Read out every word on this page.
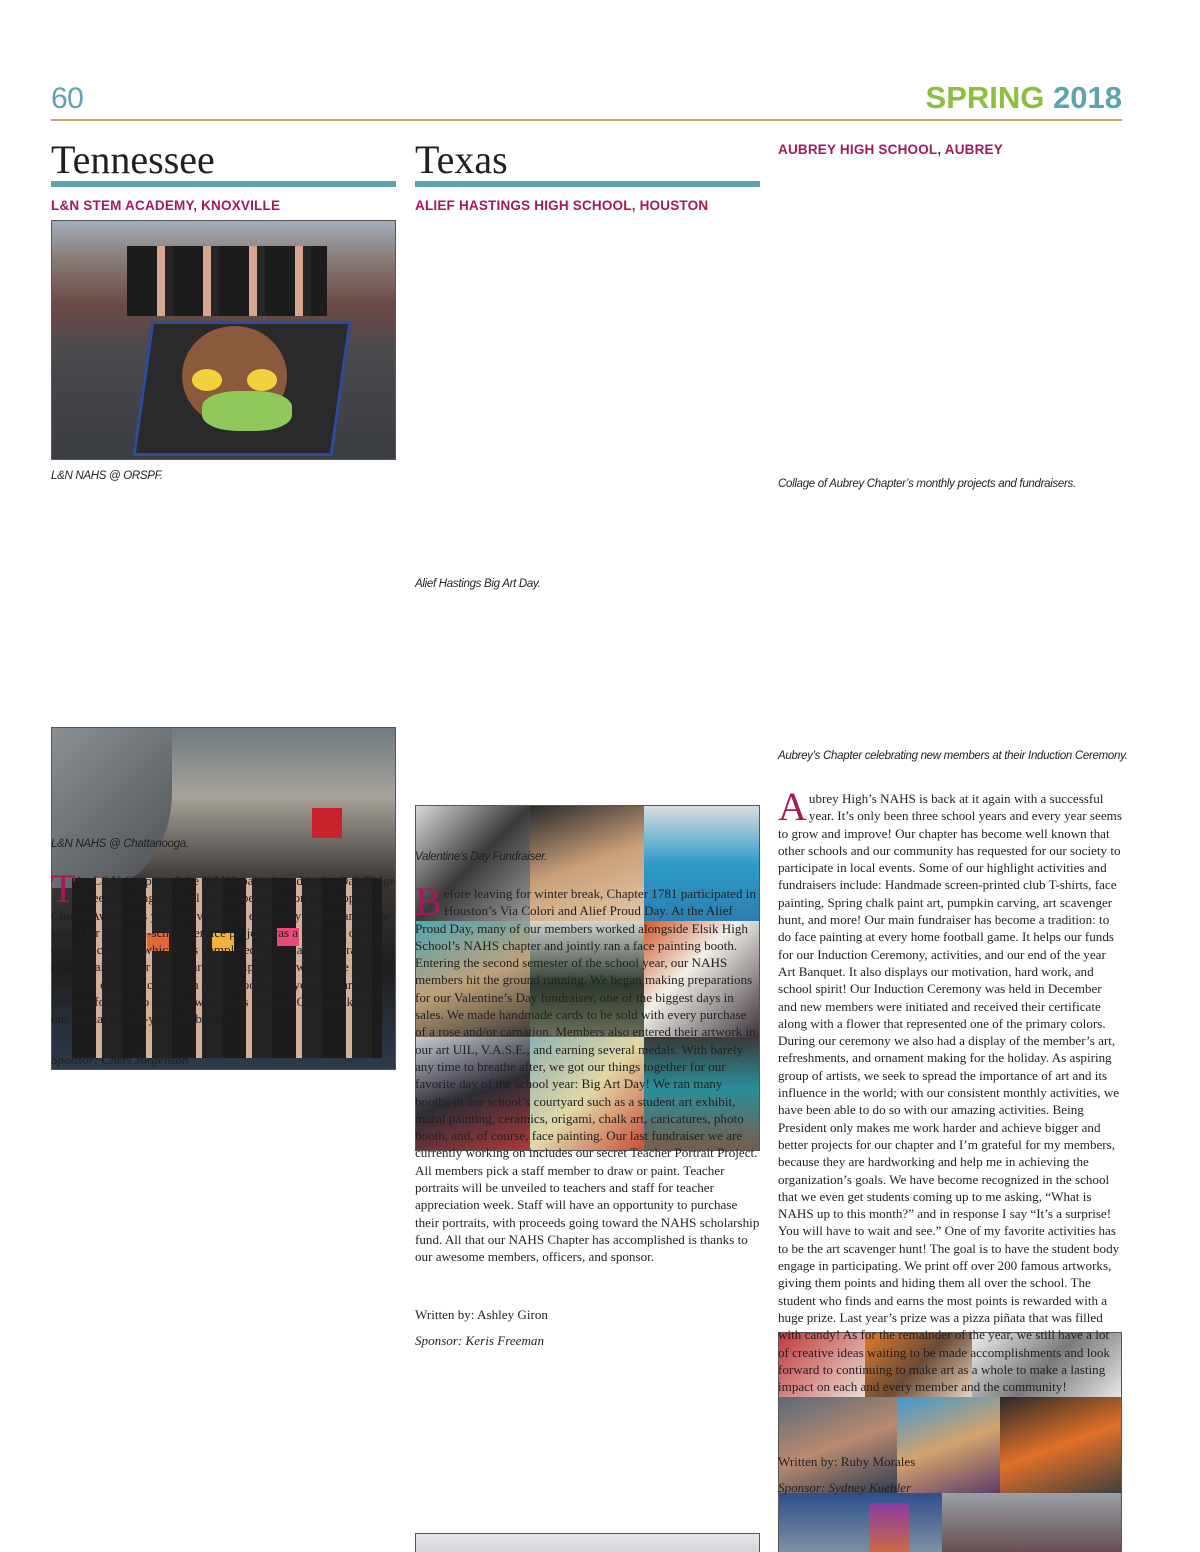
60	SPRING 2018
Tennessee
L&N STEM ACADEMY, KNOXVILLE
L&N NAHS @ ORSPF.
L&N NAHS @ Chattanooga.
The L&N Chapter of the NAHS participated in the Oak Ridge Street Painting Festival in October and won the People’s Choice Award this year, providing an especially good start to the year. Our major in-school service project was a mural in our conference room which was completed in January. Fundraising efforts paid for our annual art field trip, which was to the Hunter Museum of American Art in Chattanooga this year. We are still looking forward to the Dogwood Arts Festival Chalkwalk and our annual end-of-year celebration.
Sponsor: Cheri Jorgenson
Texas
ALIEF HASTINGS HIGH SCHOOL, HOUSTON
Alief Hastings Big Art Day.
Valentine’s Day Fundraiser.
Before leaving for winter break, Chapter 1781 participated in Houston’s Via Colori and Alief Proud Day. At the Alief Proud Day, many of our members worked alongside Elsik High School’s NAHS chapter and jointly ran a face painting booth. Entering the second semester of the school year, our NAHS members hit the ground running. We began making preparations for our Valentine’s Day fundraiser, one of the biggest days in sales. We made handmade cards to be sold with every purchase of a rose and/or carnation. Members also entered their artwork in our art UIL, V.A.S.E., and earning several medals. With barely any time to breathe after, we got our things together for our favorite day of the school year: Big Art Day! We ran many booths in our school’s courtyard such as a student art exhibit, mural painting, ceramics, origami, chalk art, caricatures, photo booth, and, of course, face painting. Our last fundraiser we are currently working on includes our secret Teacher Portrait Project. All members pick a staff member to draw or paint. Teacher portraits will be unveiled to teachers and staff for teacher appreciation week. Staff will have an opportunity to purchase their portraits, with proceeds going toward the NAHS scholarship fund. All that our NAHS Chapter has accomplished is thanks to our awesome members, officers, and sponsor.
Written by: Ashley Giron
Sponsor: Keris Freeman
AUBREY HIGH SCHOOL, AUBREY
Collage of Aubrey Chapter’s monthly projects and fundraisers.
Aubrey’s Chapter celebrating new members at their Induction Ceremony.
Aubrey High’s NAHS is back at it again with a successful year. It’s only been three school years and every year seems to grow and improve! Our chapter has become well known that other schools and our community has requested for our society to participate in local events. Some of our highlight activities and fundraisers include: Handmade screen-printed club T-shirts, face painting, Spring chalk paint art, pumpkin carving, art scavenger hunt, and more! Our main fundraiser has become a tradition: to do face painting at every home football game. It helps our funds for our Induction Ceremony, activities, and our end of the year Art Banquet. It also displays our motivation, hard work, and school spirit! Our Induction Ceremony was held in December and new members were initiated and received their certificate along with a flower that represented one of the primary colors. During our ceremony we also had a display of the member’s art, refreshments, and ornament making for the holiday. As aspiring group of artists, we seek to spread the importance of art and its influence in the world; with our consistent monthly activities, we have been able to do so with our amazing activities. Being President only makes me work harder and achieve bigger and better projects for our chapter and I’m grateful for my members, because they are hardworking and help me in achieving the organization’s goals. We have become recognized in the school that we even get students coming up to me asking, “What is NAHS up to this month?” and in response I say “It’s a surprise! You will have to wait and see.” One of my favorite activities has to be the art scavenger hunt! The goal is to have the student body engage in participating. We print off over 200 famous artworks, giving them points and hiding them all over the school. The student who finds and earns the most points is rewarded with a huge prize. Last year’s prize was a pizza piñata that was filled with candy! As for the remainder of the year, we still have a lot of creative ideas waiting to be made accomplishments and look forward to continuing to make art as a whole to make a lasting impact on each and every member and the community!
Written by: Ruby Morales
Sponsor: Sydney Kuehler
